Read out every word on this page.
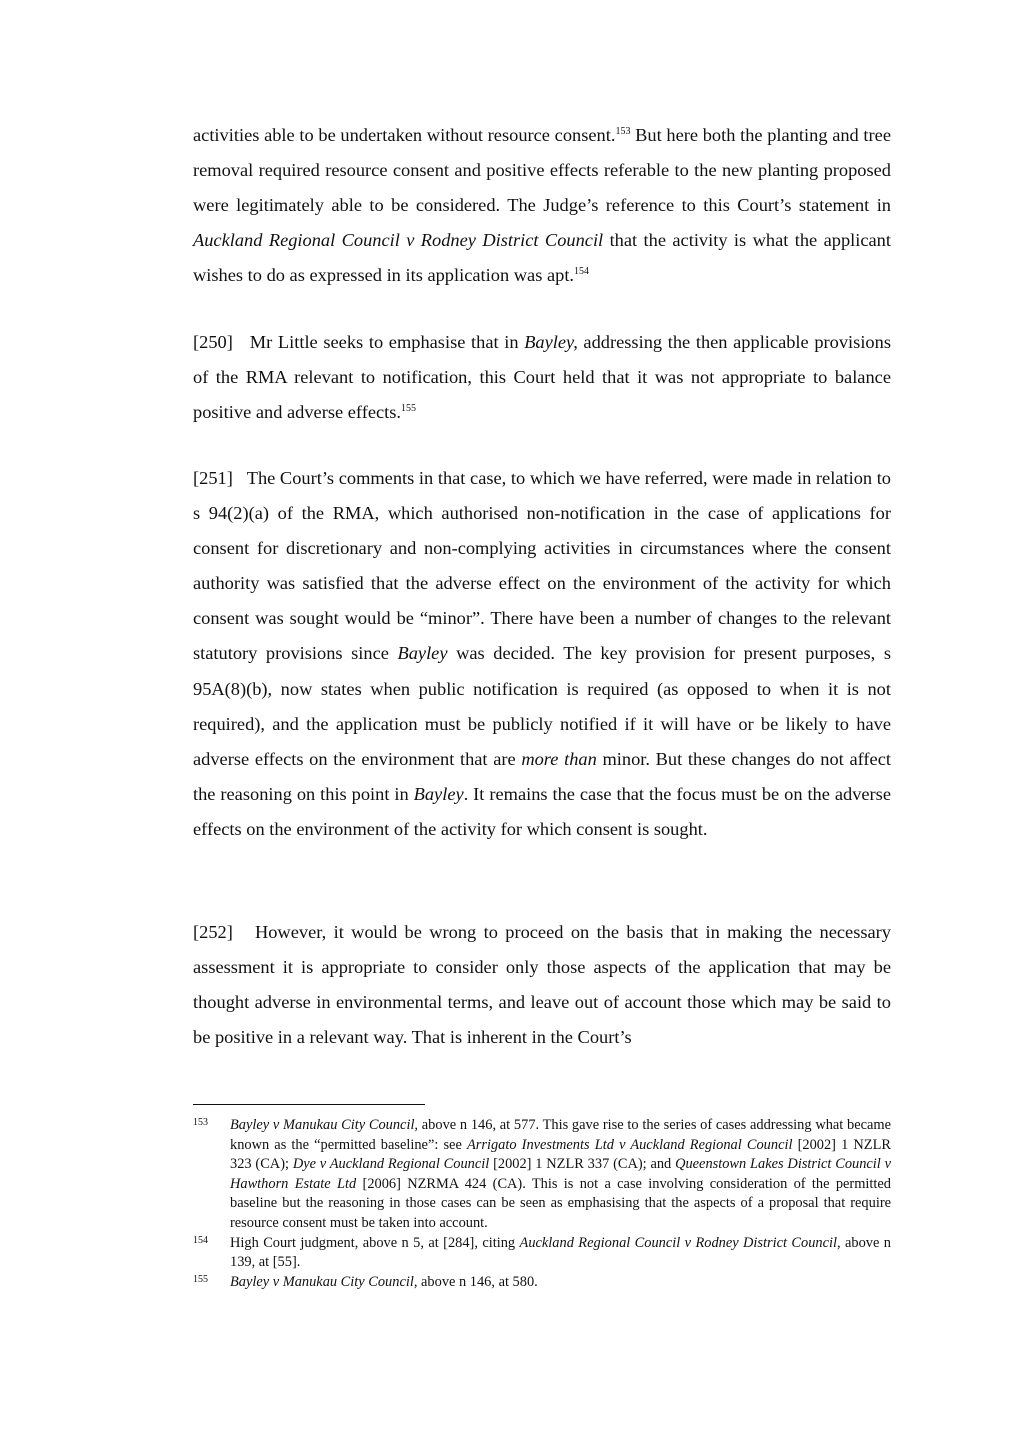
activities able to be undertaken without resource consent.$^{153}$ But here both the planting and tree removal required resource consent and positive effects referable to the new planting proposed were legitimately able to be considered. The Judge’s reference to this Court’s statement in Auckland Regional Council v Rodney District Council that the activity is what the applicant wishes to do as expressed in its application was apt.$^{154}$

[250] Mr Little seeks to emphasise that in Bayley, addressing the then applicable provisions of the RMA relevant to notification, this Court held that it was not appropriate to balance positive and adverse effects.$^{155}$

[251] The Court’s comments in that case, to which we have referred, were made in relation to s 94(2)(a) of the RMA, which authorised non-notification in the case of applications for consent for discretionary and non-complying activities in circumstances where the consent authority was satisfied that the adverse effect on the environment of the activity for which consent was sought would be “minor”. There have been a number of changes to the relevant statutory provisions since Bayley was decided. The key provision for present purposes, s 95A(8)(b), now states when public notification is required (as opposed to when it is not required), and the application must be publicly notified if it will have or be likely to have adverse effects on the environment that are more than minor. But these changes do not affect the reasoning on this point in Bayley. It remains the case that the focus must be on the adverse effects on the environment of the activity for which consent is sought.

[252] However, it would be wrong to proceed on the basis that in making the necessary assessment it is appropriate to consider only those aspects of the application that may be thought adverse in environmental terms, and leave out of account those which may be said to be positive in a relevant way. That is inherent in the Court’s

153 Bayley v Manukau City Council, above n 146, at 577. This gave rise to the series of cases addressing what became known as the “permitted baseline”: see Arrigato Investments Ltd v Auckland Regional Council [2002] 1 NZLR 323 (CA); Dye v Auckland Regional Council [2002] 1 NZLR 337 (CA); and Queenstown Lakes District Council v Hawthorn Estate Ltd [2006] NZRMA 424 (CA). This is not a case involving consideration of the permitted baseline but the reasoning in those cases can be seen as emphasising that the aspects of a proposal that require resource consent must be taken into account.

154 High Court judgment, above n 5, at [284], citing Auckland Regional Council v Rodney District Council, above n 139, at [55].

155 Bayley v Manukau City Council, above n 146, at 580.
